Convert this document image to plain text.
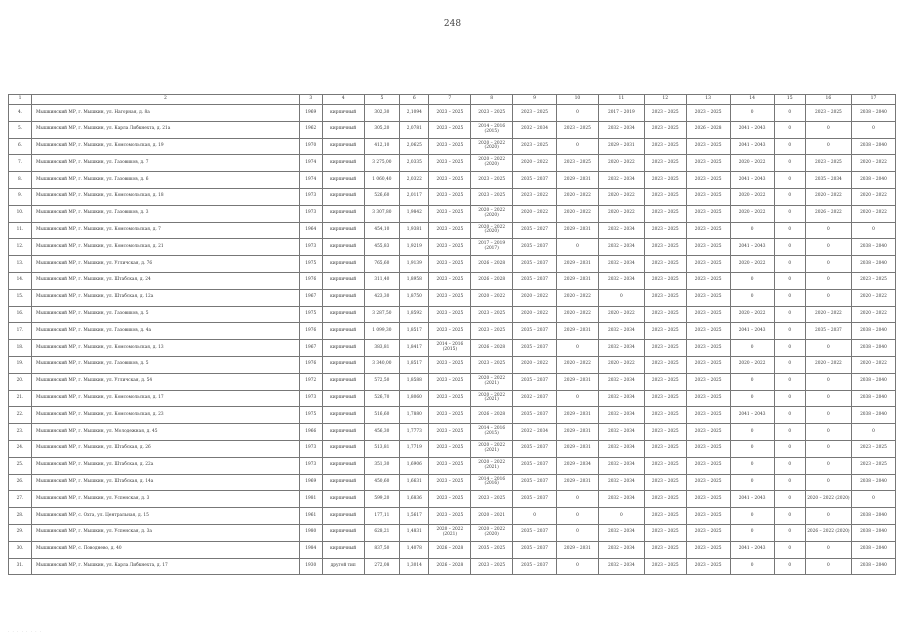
248
1	2	3	4	5	6	7	8	9	10	11	12	13	14	15	16	17
4.	Мышкинский МР, г. Мышкин, ул. Нагорная, д. 8а	1969	кирпичный	302,30	2,1094	2023 – 2025	2023 – 2025	2023 – 2025	0	2017 – 2019	2023 – 2025	2023 – 2025	0	0	2023 – 2025	2038 – 2040
5.	Мышкинский МР, г. Мышкин, ул. Карла Либкнехта, д. 21а	1962	кирпичный	305,20	2,0781	2023 – 2025	2014 – 2016 (2015)	2032 – 2034	2023 – 2025	2032 – 2034	2023 – 2025	2026 – 2028	2041 – 2043	0	0	0
6.	Мышкинский МР, г. Мышкин, ул. Комсомольская, д. 19	1970	кирпичный	412,10	2,0625	2023 – 2025	2020 – 2022 (2020)	2023 – 2025	0	2029 – 2031	2023 – 2025	2023 – 2025	2041 – 2043	0	0	2038 – 2040
7.	Мышкинский МР, г. Мышкин, ул. Газовиков, д. 7	1974	кирпичный	3 275,00	2,0335	2023 – 2025	2020 – 2022 (2020)	2020 – 2022	2023 – 2025	2020 – 2022	2023 – 2025	2023 – 2025	2020 – 2022	0	2023 – 2025	2020 – 2022
8.	Мышкинский МР, г. Мышкин, ул. Газовиков, д. 6	1974	кирпичный	1 060,40	2,0322	2023 – 2025	2023 – 2025	2035 – 2037	2029 – 2031	2032 – 2034	2023 – 2025	2023 – 2025	2041 – 2043	0	2035 – 2034	2038 – 2040
9.	Мышкинский МР, г. Мышкин, ул. Комсомольская, д. 18	1973	кирпичный	526,60	2,0117	2023 – 2025	2023 – 2025	2023 – 2022	2020 – 2022	2020 – 2022	2023 – 2025	2023 – 2025	2020 – 2022	0	2020 – 2022	2020 – 2022
10.	Мышкинский МР, г. Мышкин, ул. Газовиков, д. 3	1973	кирпичный	3 307,80	1,9842	2023 – 2025	2020 – 2022 (2020)	2020 – 2022	2020 – 2022	2020 – 2022	2023 – 2025	2023 – 2025	2020 – 2022	0	2026 – 2022	2020 – 2022
11.	Мышкинский МР, г. Мышкин, ул. Комсомольская, д. 7	1964	кирпичный	454,10	1,9381	2023 – 2025	2020 – 2022 (2020)	2035 – 2027	2029 – 2031	2032 – 2034	2023 – 2025	2023 – 2025	0	0	0	0
12.	Мышкинский МР, г. Мышкин, ул. Комсомольская, д. 21	1973	кирпичный	455,83	1,9219	2023 – 2025	2017 – 2019 (2017)	2035 – 2037	0	2032 – 2034	2023 – 2025	2023 – 2025	2041 – 2043	0	0	2038 – 2040
13.	Мышкинский МР, г. Мышкин, ул. Угличская, д. 76	1975	кирпичный	765,60	1,9139	2023 – 2025	2026 – 2028	2035 – 2037	2029 – 2031	2032 – 2034	2023 – 2025	2023 – 2025	2020 – 2022	0	0	2038 – 2040
14.	Мышкинский МР, г. Мышкин, ул. Штабская, д. 24	1976	кирпичный	311,40	1,8958	2023 – 2025	2026 – 2028	2035 – 2037	2029 – 2031	2032 – 2034	2023 – 2025	2023 – 2025	0	0	0	2023 – 2025
15.	Мышкинский МР, г. Мышкин, ул. Штабская, д. 12а	1967	кирпичный	423,30	1,8750	2023 – 2025	2020 – 2022	2020 – 2022	2020 – 2022	0	2023 – 2025	2023 – 2025	0	0	0	2020 – 2022
16.	Мышкинский МР, г. Мышкин, ул. Газовиков, д. 5	1975	кирпичный	3 287,50	1,8592	2023 – 2025	2023 – 2025	2020 – 2022	2020 – 2022	2020 – 2022	2023 – 2025	2023 – 2025	2020 – 2022	0	2020 – 2022	2020 – 2022
17.	Мышкинский МР, г. Мышкин, ул. Газовиков, д. 4а	1976	кирпичный	1 099,30	1,8517	2023 – 2025	2023 – 2025	2035 – 2037	2029 – 2031	2032 – 2034	2023 – 2025	2023 – 2025	2041 – 2043	0	2035 – 2037	2038 – 2040
18.	Мышкинский МР, г. Мышкин, ул. Комсомольская, д. 13	1967	кирпичный	383,81	1,8417	2014 – 2016 (2015)	2026 – 2028	2035 – 2037	0	2032 – 2034	2023 – 2025	2023 – 2025	0	0	0	2038 – 2040
19.	Мышкинский МР, г. Мышкин, ул. Газовиков, д. 5	1976	кирпичный	3 340,00	1,8517	2023 – 2025	2023 – 2025	2020 – 2022	2020 – 2022	2020 – 2022	2023 – 2025	2023 – 2025	2020 – 2022	0	2020 – 2022	2020 – 2022
20.	Мышкинский МР, г. Мышкин, ул. Угличская, д. 54	1972	кирпичный	572,50	1,8588	2023 – 2025	2020 – 2022 (2021)	2035 – 2037	2029 – 2031	2032 – 2034	2023 – 2025	2023 – 2025	0	0	0	2038 – 2040
21.	Мышкинский МР, г. Мышкин, ул. Комсомольская, д. 17	1973	кирпичный	526,70	1,8060	2023 – 2025	2020 – 2022 (2021)	2032 – 2037	0	2032 – 2034	2023 – 2025	2023 – 2025	0	0	0	2038 – 2040
22.	Мышкинский МР, г. Мышкин, ул. Комсомольская, д. 23	1975	кирпичный	516,60	1,7880	2023 – 2025	2026 – 2028	2035 – 2037	2029 – 2031	2032 – 2034	2023 – 2025	2023 – 2025	2041 – 2043	0	0	2038 – 2040
23.	Мышкинский МР, г. Мышкин, ул. Молодежная, д. 45	1966	кирпичный	456,30	1,7773	2023 – 2025	2014 – 2016 (2015)	2032 – 2034	2029 – 2031	2032 – 2034	2023 – 2025	2023 – 2025	0	0	0	0
24.	Мышкинский МР, г. Мышкин, ул. Штабская, д. 26	1973	кирпичный	513,81	1,7719	2023 – 2025	2020 – 2022 (2021)	2035 – 2037	2029 – 2031	2032 – 2034	2023 – 2025	2023 – 2025	0	0	0	2023 – 2025
25.	Мышкинский МР, г. Мышкин, ул. Штабская, д. 22а	1973	кирпичный	351,30	1,6906	2023 – 2025	2020 – 2022 (2021)	2035 – 2037	2029 – 2034	2032 – 2034	2023 – 2025	2023 – 2025	0	0	0	2023 – 2025
26.	Мышкинский МР, г. Мышкин, ул. Штабская, д. 14а	1969	кирпичный	450,60	1,6631	2023 – 2025	2014 – 2016 (2016)	2035 – 2037	2029 – 2031	2032 – 2034	2023 – 2025	2023 – 2025	0	0	0	2038 – 2040
27.	Мышкинский МР, г. Мышкин, ул. Успенская, д. 3	1981	кирпичный	599,20	1,6836	2023 – 2025	2023 – 2025	2035 – 2037	0	2032 – 2034	2023 – 2025	2023 – 2025	2041 – 2043	0	2020 – 2022 (2020)	0
28.	Мышкинский МР, с. Охта, ул. Центральная, д. 15	1961	кирпичный	177,11	1,5617	2023 – 2025	2020 – 2021	0	0	0	2023 – 2025	2023 – 2025	0	0	0	2038 – 2040
29.	Мышкинский МР, г. Мышкин, ул. Успенская, д. 3а	1980	кирпичный	628,21	1,4831	2020 – 2022 (2021)	2020 – 2022 (2020)	2035 – 2037	0	2032 – 2034	2023 – 2025	2023 – 2025	0	0	2026 – 2022 (2020)	2038 – 2040
30.	Мышкинский МР, с. Поводнево, д. 40	1984	кирпичный	837,50	1,4078	2026 – 2028	2035 – 2025	2035 – 2037	2029 – 2031	2032 – 2034	2023 – 2025	2023 – 2025	2041 – 2043	0	0	2038 – 2040
31.	Мышкинский МР, г. Мышкин, ул. Карла Либкнехта, д. 17	1930	другой тип	272,08	1,3014	2026 – 2028	2023 – 2025	2035 – 2037	0	2032 – 2034	2023 – 2025	2023 – 2025	0	0	0	2038 – 2040
· · · · · · · ·
